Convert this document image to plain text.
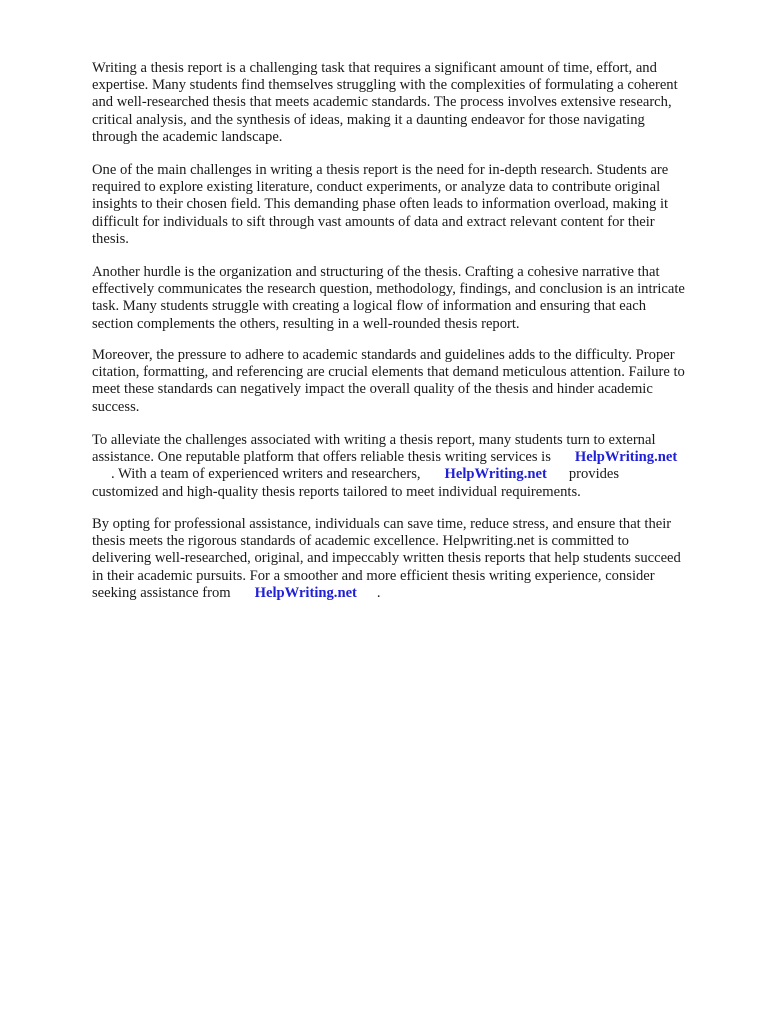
Writing a thesis report is a challenging task that requires a significant amount of time, effort, and
expertise. Many students find themselves struggling with the complexities of formulating a coherent
and well-researched thesis that meets academic standards. The process involves extensive research,
critical analysis, and the synthesis of ideas, making it a daunting endeavor for those navigating
through the academic landscape.

One of the main challenges in writing a thesis report is the need for in-depth research. Students are
required to explore existing literature, conduct experiments, or analyze data to contribute original
insights to their chosen field. This demanding phase often leads to information overload, making it
difficult for individuals to sift through vast amounts of data and extract relevant content for their
thesis.

Another hurdle is the organization and structuring of the thesis. Crafting a cohesive narrative that
effectively communicates the research question, methodology, findings, and conclusion is an intricate
task. Many students struggle with creating a logical flow of information and ensuring that each
section complements the others, resulting in a well-rounded thesis report.

Moreover, the pressure to adhere to academic standards and guidelines adds to the difficulty. Proper
citation, formatting, and referencing are crucial elements that demand meticulous attention. Failure to
meet these standards can negatively impact the overall quality of the thesis and hinder academic
success.

To alleviate the challenges associated with writing a thesis report, many students turn to external
assistance. One reputable platform that offers reliable thesis writing services is HelpWriting.net
. With a team of experienced writers and researchers, HelpWriting.net provides
customized and high-quality thesis reports tailored to meet individual requirements.

By opting for professional assistance, individuals can save time, reduce stress, and ensure that their
thesis meets the rigorous standards of academic excellence. Helpwriting.net is committed to
delivering well-researched, original, and impeccably written thesis reports that help students succeed
in their academic pursuits. For a smoother and more efficient thesis writing experience, consider
seeking assistance from HelpWriting.net .
